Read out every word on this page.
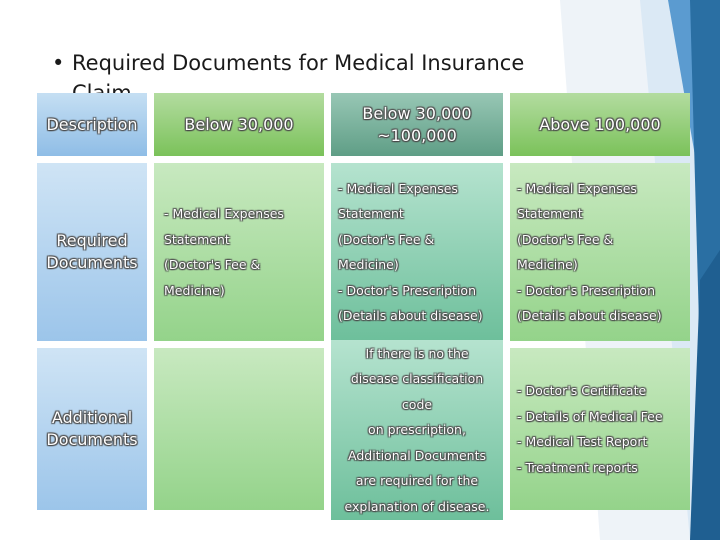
• Required Documents for Medical Insurance
Description	Below 30,000
Below 30,000
~100,000
Above 100,000
Required
Documents
- Medical Expenses
Statement
(Doctor's Fee &
Medicine)
- Medical Expenses
Statement
(Doctor's Fee &
Medicine)
- Doctor's Prescription
(Details about disease)
- Medical Expenses
Statement
(Doctor's Fee &
Medicine)
- Doctor's Prescription
(Details about disease)
Additional
Documents
If there is no the
disease classification
code
on prescription,
Additional Documents
are required for the
explanation of disease.
- Doctor's Certificate
- Details of Medical Fee
- Medical Test Report
- Treatment reports
